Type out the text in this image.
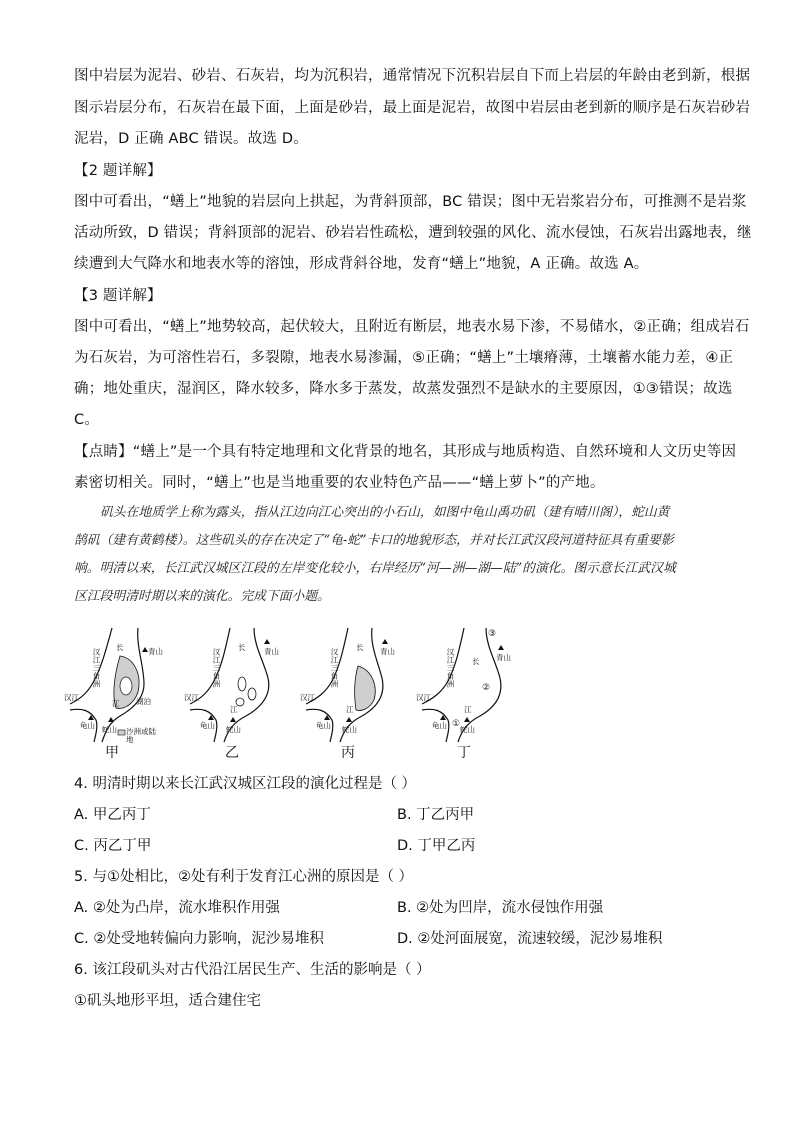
图中岩层为泥岩、砂岩、石灰岩，均为沉积岩，通常情况下沉积岩层自下而上岩层的年龄由老到新，根据
图示岩层分布，石灰岩在最下面，上面是砂岩，最上面是泥岩，故图中岩层由老到新的顺序是石灰岩砂岩
泥岩，D 正确 ABC 错误。故选 D。
【2 题详解】
图中可看出，“蟮上”地貌的岩层向上拱起，为背斜顶部，BC 错误；图中无岩浆岩分布，可推测不是岩浆
活动所致，D 错误；背斜顶部的泥岩、砂岩岩性疏松，遭到较强的风化、流水侵蚀，石灰岩出露地表，继
续遭到大气降水和地表水等的溶蚀，形成背斜谷地，发育“蟮上”地貌，A 正确。故选 A。
【3 题详解】
图中可看出，“蟮上”地势较高，起伏较大，且附近有断层，地表水易下渗，不易储水，②正确；组成岩石
为石灰岩，为可溶性岩石，多裂隙，地表水易渗漏，⑤正确；“蟮上”土壤瘠薄，土壤蓄水能力差，④正
确；地处重庆，湿润区，降水较多，降水多于蒸发，故蒸发强烈不是缺水的主要原因，①③错误；故选
C。
【点睛】“蟮上”是一个具有特定地理和文化背景的地名，其形成与地质构造、自然环境和人文历史等因
素密切相关。同时，“蟮上”也是当地重要的农业特色产品——“蟮上萝卜”的产地。
矶头在地质学上称为露头，指从江边向江心突出的小石山，如图中龟山禹功矶（建有晴川阁），蛇山黄
鹄矶（建有黄鹤楼）。这些矶头的存在决定了“龟-蛇”卡口的地貌形态，并对长江武汉段河道特征具有重要影
响。明清以来，长江武汉城区江段的左岸变化较小，右岸经历“河—洲—湖—陆”的演化。图示意长江武汉城
区江段明清时期以来的演化。完成下面小题。
汉江三角洲
长
江
汉江
龟山 蛇山
青山
湖泊
沙洲或陆地
甲
汉江三角洲
长
江
汉江
龟山 蛇山
青山
乙
汉江三角洲
长
江
汉江
龟山 蛇山
青山
丙
汉江三角洲 长
江
汉江
龟山 蛇山
青山
①
②
③
丁
4. 明清时期以来长江武汉城区江段的演化过程是（ ）
A. 甲乙丙丁	B. 丁乙丙甲
C. 丙乙丁甲	D. 丁甲乙丙
5. 与①处相比，②处有利于发育江心洲的原因是（ ）
A. ②处为凸岸，流水堆积作用强	B. ②处为凹岸，流水侵蚀作用强
C. ②处受地转偏向力影响，泥沙易堆积	D. ②处河面展宽，流速较缓，泥沙易堆积
6. 该江段矶头对古代沿江居民生产、生活的影响是（ ）
①矶头地形平坦，适合建住宅
